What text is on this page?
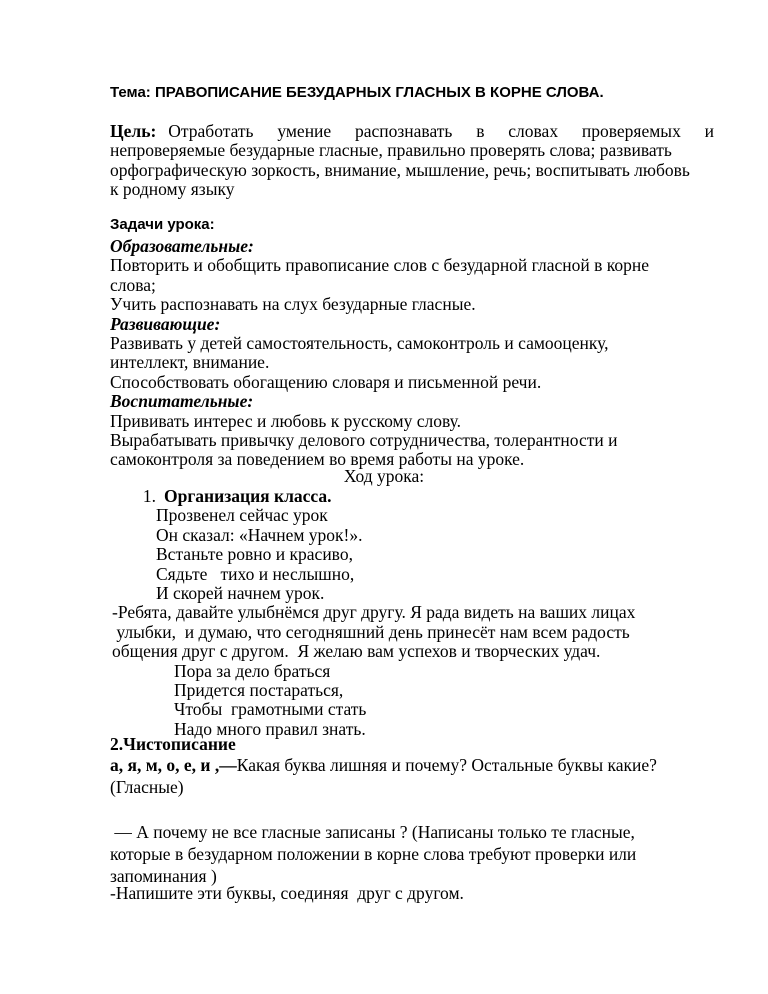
Тема: ПРАВОПИСАНИЕ БЕЗУДАРНЫХ ГЛАСНЫХ В КОРНЕ СЛОВА.
Цель: Отработать умение распознавать в словах проверяемых и
непроверяемые безударные гласные, правильно проверять слова; развивать
орфографическую зоркость, внимание, мышление, речь; воспитывать любовь
к родному языку
Задачи урока:

Образовательные:

Повторить и обобщить правописание слов с безударной гласной в корне

слова;

Учить распознавать на слух безударные гласные.

Развивающие:

Развивать у детей самостоятельность, самоконтроль и самооценку,

интеллект, внимание.

Способствовать обогащению словаря и письменной речи.

Воспитательные:

Прививать интерес и любовь к русскому слову.

Вырабатывать привычку делового сотрудничества, толерантности и

самоконтроля за поведением во время работы на уроке.

Ход урока:

1. Организация класса.

Прозвенел сейчас урок

Он сказал: «Начнем урок!».

Встаньте ровно и красиво,

Сядьте   тихо и неслышно,

И скорей начнем урок.

-Ребята, давайте улыбнёмся друг другу. Я рада видеть на ваших лицах

улыбки,  и думаю, что сегодняшний день принесёт нам всем радость

общения друг с другом.  Я желаю вам успехов и творческих удач.

Пора за дело браться

Придется постараться,

Чтобы  грамотными стать

Надо много правил знать.

2.Чистописание

а, я, м, о, е, и ,—Какая буква лишняя и почему? Остальные буквы какие?

(Гласные)

— А почему не все гласные записаны ? (Написаны только те гласные,

которые в безударном положении в корне слова требуют проверки или

запоминания )

-Напишите эти буквы, соединяя  друг с другом.
